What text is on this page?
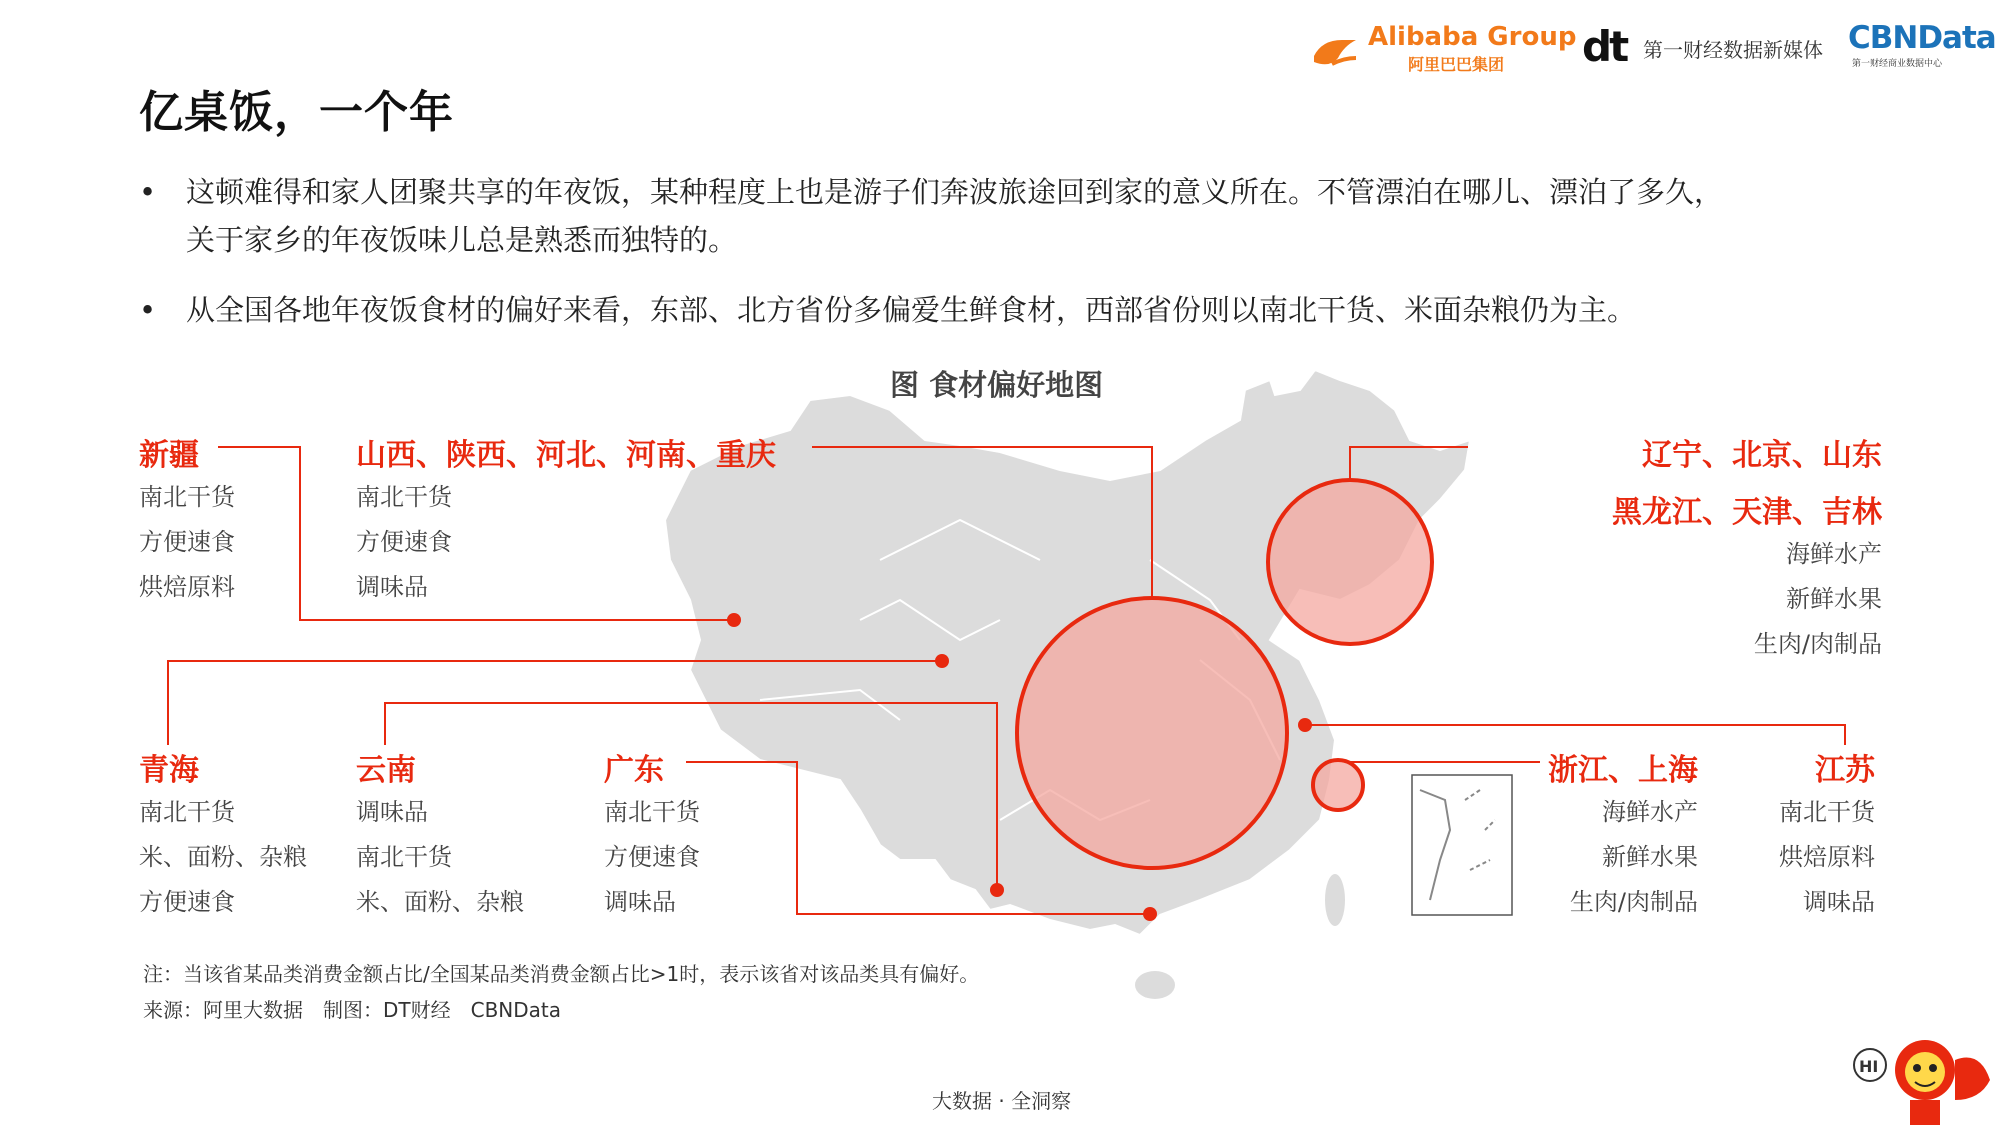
Alibaba Group
阿里巴巴集团 dt 第一财经数据新媒体 CBNData
第一财经商业数据中心
亿桌饭，一个年
• 这顿难得和家人团聚共享的年夜饭，某种程度上也是游子们奔波旅途回到家的意义所在。不管漂泊在哪儿、漂泊了多久，
关于家乡的年夜饭味儿总是熟悉而独特的。
• 从全国各地年夜饭食材的偏好来看，东部、北方省份多偏爱生鲜食材，西部省份则以南北干货、米面杂粮仍为主。
图 食材偏好地图
新疆
南北干货
方便速食
烘焙原料
山西、陕西、河北、河南、重庆
南北干货
方便速食
调味品
辽宁、北京、山东
黑龙江、天津、吉林
海鲜水产
新鲜水果
生肉/肉制品
青海
南北干货
米、面粉、杂粮
方便速食
云南
调味品
南北干货
米、面粉、杂粮
广东
南北干货
方便速食
调味品
浙江、上海
海鲜水产
新鲜水果
生肉/肉制品
江苏
南北干货
烘焙原料
调味品
注：当该省某品类消费金额占比/全国某品类消费金额占比>1时，表示该省对该品类具有偏好。
来源：阿里大数据　制图：DT财经　CBNData
大数据 · 全洞察
HI
